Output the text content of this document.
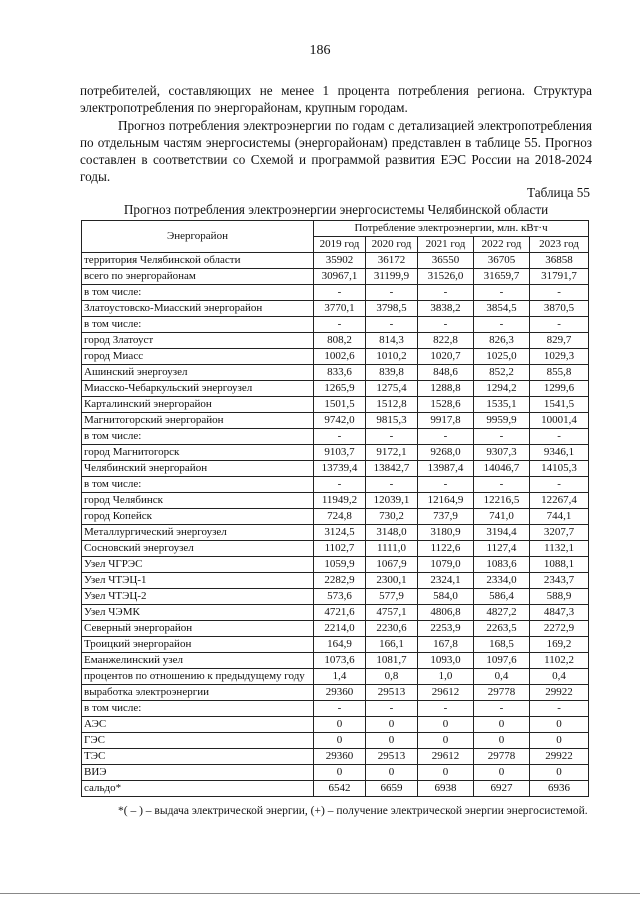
186

потребителей, составляющих не менее 1 процента потребления региона. Структура электропотребления по энергорайонам, крупным городам.

Прогноз потребления электроэнергии по годам с детализацией электропотребления по отдельным частям энергосистемы (энергорайонам) представлен в таблице 55. Прогноз составлен в соответствии со Схемой и программой развития ЕЭС России на 2018-2024 годы.

Таблица 55
Прогноз потребления электроэнергии энергосистемы Челябинской области
Энергорайон	Потребление электроэнергии, млн. кВт·ч				
	2019 год	2020 год	2021 год	2022 год	2023 год
территория Челябинской области	35902	36172	36550	36705	36858
всего по энергорайонам	30967,1	31199,9	31526,0	31659,7	31791,7
в том числе:	-	-	-	-	-
Златоустовско-Миасский энергорайон	3770,1	3798,5	3838,2	3854,5	3870,5
в том числе:	-	-	-	-	-
город Златоуст	808,2	814,3	822,8	826,3	829,7
город Миасс	1002,6	1010,2	1020,7	1025,0	1029,3
Ашинский энергоузел	833,6	839,8	848,6	852,2	855,8
Миасско-Чебаркульский энергоузел	1265,9	1275,4	1288,8	1294,2	1299,6
Карталинский энергорайон	1501,5	1512,8	1528,6	1535,1	1541,5
Магнитогорский энергорайон	9742,0	9815,3	9917,8	9959,9	10001,4
в том числе:	-	-	-	-	-
город Магнитогорск	9103,7	9172,1	9268,0	9307,3	9346,1
Челябинский энергорайон	13739,4	13842,7	13987,4	14046,7	14105,3
в том числе:	-	-	-	-	-
город Челябинск	11949,2	12039,1	12164,9	12216,5	12267,4
город Копейск	724,8	730,2	737,9	741,0	744,1
Металлургический энергоузел	3124,5	3148,0	3180,9	3194,4	3207,7
Сосновский энергоузел	1102,7	1111,0	1122,6	1127,4	1132,1
Узел ЧГРЭС	1059,9	1067,9	1079,0	1083,6	1088,1
Узел ЧТЭЦ-1	2282,9	2300,1	2324,1	2334,0	2343,7
Узел ЧТЭЦ-2	573,6	577,9	584,0	586,4	588,9
Узел ЧЭМК	4721,6	4757,1	4806,8	4827,2	4847,3
Северный энергорайон	2214,0	2230,6	2253,9	2263,5	2272,9
Троицкий энергорайон	164,9	166,1	167,8	168,5	169,2
Еманжелинский узел	1073,6	1081,7	1093,0	1097,6	1102,2
процентов по отношению к предыдущему году	1,4	0,8	1,0	0,4	0,4
выработка электроэнергии	29360	29513	29612	29778	29922
в том числе:	-	-	-	-	-
АЭС	0	0	0	0	0
ГЭС	0	0	0	0	0
ТЭС	29360	29513	29612	29778	29922
ВИЭ	0	0	0	0	0
сальдо*	6542	6659	6938	6927	6936

*( – ) – выдача электрической энергии, (+) – получение электрической энергии энергосистемой.
